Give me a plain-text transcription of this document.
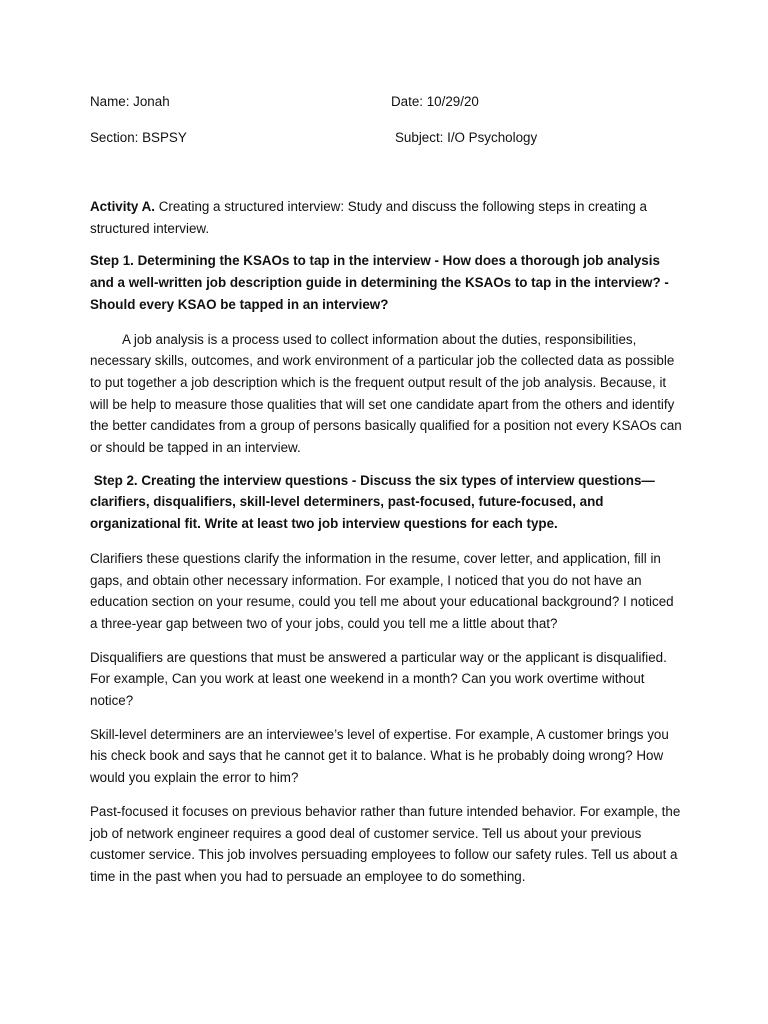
Name: Jonah	Date: 10/29/20
Section: BSPSY	Subject: I/O Psychology

Activity A. Creating a structured interview: Study and discuss the following steps in creating a structured interview.

Step 1. Determining the KSAOs to tap in the interview - How does a thorough job analysis and a well-written job description guide in determining the KSAOs to tap in the interview? - Should every KSAO be tapped in an interview?

A job analysis is a process used to collect information about the duties, responsibilities, necessary skills, outcomes, and work environment of a particular job the collected data as possible to put together a job description which is the frequent output result of the job analysis. Because, it will be help to measure those qualities that will set one candidate apart from the others and identify the better candidates from a group of persons basically qualified for a position not every KSAOs can or should be tapped in an interview.

Step 2. Creating the interview questions - Discuss the six types of interview questions—clarifiers, disqualifiers, skill-level determiners, past-focused, future-focused, and organizational fit. Write at least two job interview questions for each type.

Clarifiers these questions clarify the information in the resume, cover letter, and application, fill in gaps, and obtain other necessary information. For example, I noticed that you do not have an education section on your resume, could you tell me about your educational background? I noticed a three-year gap between two of your jobs, could you tell me a little about that?

Disqualifiers are questions that must be answered a particular way or the applicant is disqualified. For example, Can you work at least one weekend in a month? Can you work overtime without notice?

Skill-level determiners are an interviewee’s level of expertise. For example, A customer brings you his check book and says that he cannot get it to balance. What is he probably doing wrong? How would you explain the error to him?

Past-focused it focuses on previous behavior rather than future intended behavior. For example, the job of network engineer requires a good deal of customer service. Tell us about your previous customer service. This job involves persuading employees to follow our safety rules. Tell us about a time in the past when you had to persuade an employee to do something.
